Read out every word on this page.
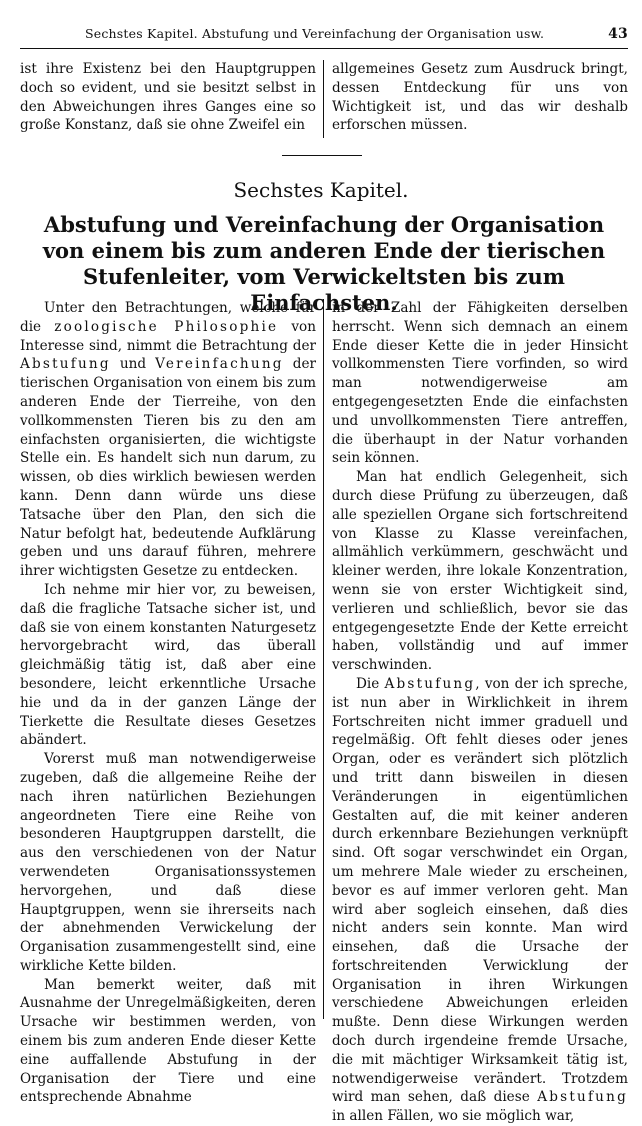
Sechstes Kapitel. Abstufung und Vereinfachung der Organisation usw.	43
ist ihre Existenz bei den Hauptgruppen doch so evident, und sie besitzt selbst in den Abweichungen ihres Ganges eine so große Konstanz, daß sie ohne Zweifel ein
allgemeines Gesetz zum Ausdruck bringt, dessen Entdeckung für uns von Wichtigkeit ist, und das wir deshalb erforschen müssen.
Sechstes Kapitel.
Abstufung und Vereinfachung der Organisation von einem bis zum anderen Ende der tierischen Stufenleiter, vom Verwickeltsten bis zum Einfachsten.

Unter den Betrachtungen, welche für die zoologische Philosophie von Interesse sind, nimmt die Betrachtung der Abstufung und Vereinfachung der tierischen Organisation von einem bis zum anderen Ende der Tierreihe, von den vollkommensten Tieren bis zu den am einfachsten organisierten, die wichtigste Stelle ein. Es handelt sich nun darum, zu wissen, ob dies wirklich bewiesen werden kann. Denn dann würde uns diese Tatsache über den Plan, den sich die Natur befolgt hat, bedeutende Aufklärung geben und uns darauf führen, mehrere ihrer wichtigsten Gesetze zu entdecken.

Ich nehme mir hier vor, zu beweisen, daß die fragliche Tatsache sicher ist, und daß sie von einem konstanten Naturgesetz hervorgebracht wird, das überall gleichmäßig tätig ist, daß aber eine besondere, leicht erkenntliche Ursache hie und da in der ganzen Länge der Tierkette die Resultate dieses Gesetzes abändert.

Vorerst muß man notwendigerweise zugeben, daß die allgemeine Reihe der nach ihren natürlichen Beziehungen angeordneten Tiere eine Reihe von besonderen Hauptgruppen darstellt, die aus den verschiedenen von der Natur verwendeten Organisationssystemen hervorgehen, und daß diese Hauptgruppen, wenn sie ihrerseits nach der abnehmenden Verwickelung der Organisation zusammengestellt sind, eine wirkliche Kette bilden.

Man bemerkt weiter, daß mit Ausnahme der Unregelmäßigkeiten, deren Ursache wir bestimmen werden, von einem bis zum anderen Ende dieser Kette eine auffallende Abstufung in der Organisation der Tiere und eine entsprechende Abnahme

in der Zahl der Fähigkeiten derselben herrscht. Wenn sich demnach an einem Ende dieser Kette die in jeder Hinsicht vollkommensten Tiere vorfinden, so wird man notwendigerweise am entgegengesetzten Ende die einfachsten und unvollkommensten Tiere antreffen, die überhaupt in der Natur vorhanden sein können.

Man hat endlich Gelegenheit, sich durch diese Prüfung zu überzeugen, daß alle speziellen Organe sich fortschreitend von Klasse zu Klasse vereinfachen, allmählich verkümmern, geschwächt und kleiner werden, ihre lokale Konzentration, wenn sie von erster Wichtigkeit sind, verlieren und schließlich, bevor sie das entgegengesetzte Ende der Kette erreicht haben, vollständig und auf immer verschwinden.

Die Abstufung, von der ich spreche, ist nun aber in Wirklichkeit in ihrem Fortschreiten nicht immer graduell und regelmäßig. Oft fehlt dieses oder jenes Organ, oder es verändert sich plötzlich und tritt dann bisweilen in diesen Veränderungen in eigentümlichen Gestalten auf, die mit keiner anderen durch erkennbare Beziehungen verknüpft sind. Oft sogar verschwindet ein Organ, um mehrere Male wieder zu erscheinen, bevor es auf immer verloren geht. Man wird aber sogleich einsehen, daß dies nicht anders sein konnte. Man wird einsehen, daß die Ursache der fortschreitenden Verwicklung der Organisation in ihren Wirkungen verschiedene Abweichungen erleiden mußte. Denn diese Wirkungen werden doch durch irgendeine fremde Ursache, die mit mächtiger Wirksamkeit tätig ist, notwendigerweise verändert. Trotzdem wird man sehen, daß diese Abstufung in allen Fällen, wo sie möglich war,
